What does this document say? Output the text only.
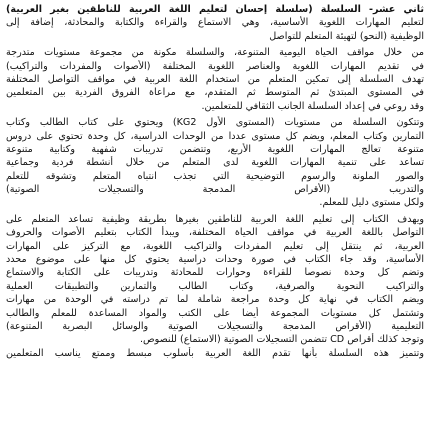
ثاني عشر- السلسلة (سلسلة إحسان لتعليم اللغة العربية للناطقين بغير العربية)
لتعليم المهارات اللغوية الأساسية، وهي الاستماع والقراءة والكتابة والمحادثة، إضافة إلى
الوظيفية (النحو) لتهيئة المتعلم للتواصل
من خلال مواقف الحياة اليومية المتنوعة، والسلسلة مكونة من مجموعة مستويات متدرجة
في تقديم المهارات اللغوية والعناصر اللغوية المختلفة (الأصوات والمفردات والتراكيب)
تهدف السلسلة إلى تمكين المتعلم من استخدام اللغة العربية في مواقف التواصل المختلفة
في المستوى المبتدئ ثم المتوسط ثم المتقدم، مع مراعاة الفروق الفردية بين المتعلمين
وقد روعي في إعداد السلسلة الجانب الثقافي للمتعلمين.
وتتكون السلسلة من مستويات (المستوى الأول KG2) ويحتوي على كتاب الطالب وكتاب
التمارين وكتاب المعلم، ويضم كل مستوى عددا من الوحدات الدراسية، كل وحدة تحتوي على دروس
متنوعة تعالج المهارات اللغوية الأربع، وتتضمن تدريبات شفهية وكتابية متنوعة
تساعد على تنمية المهارات اللغوية لدى المتعلم من خلال أنشطة فردية وجماعية
والصور الملونة والرسوم التوضيحية التي تجذب انتباه المتعلم وتشوقه للتعلم
والتدريب (الأقراص المدمجة والتسجيلات الصوتية)
ولكل مستوى دليل للمعلم.
ويهدف الكتاب إلى تعليم اللغة العربية للناطقين بغيرها بطريقة وظيفية تساعد المتعلم على
التواصل باللغة العربية في مواقف الحياة المختلفة، ويبدأ الكتاب بتعليم الأصوات والحروف
العربية، ثم ينتقل إلى تعليم المفردات والتراكيب اللغوية، مع التركيز على المهارات
الأساسية، وقد جاء الكتاب في صورة وحدات دراسية يحتوي كل منها على موضوع محدد
وتضم كل وحدة نصوصا للقراءة وحوارات للمحادثة وتدريبات على الكتابة والاستماع
والتراكيب النحوية والصرفية، وكتاب الطالب والتمارين والتطبيقات العملية
ويضم الكتاب في نهاية كل وحدة مراجعة شاملة لما تم دراسته في الوحدة من مهارات
وتشتمل كل مستويات المجموعة أيضا على الكتب والمواد المساعدة للمعلم والطالب
التعليمية (الأقراص المدمجة والتسجيلات الصوتية والوسائل البصرية المتنوعة)
وتوجد كذلك أقراص CD تتضمن التسجيلات الصوتية (الاستماع) للنصوص.
وتتميز هذه السلسلة بأنها تقدم اللغة العربية بأسلوب مبسط وممتع يناسب المتعلمين
